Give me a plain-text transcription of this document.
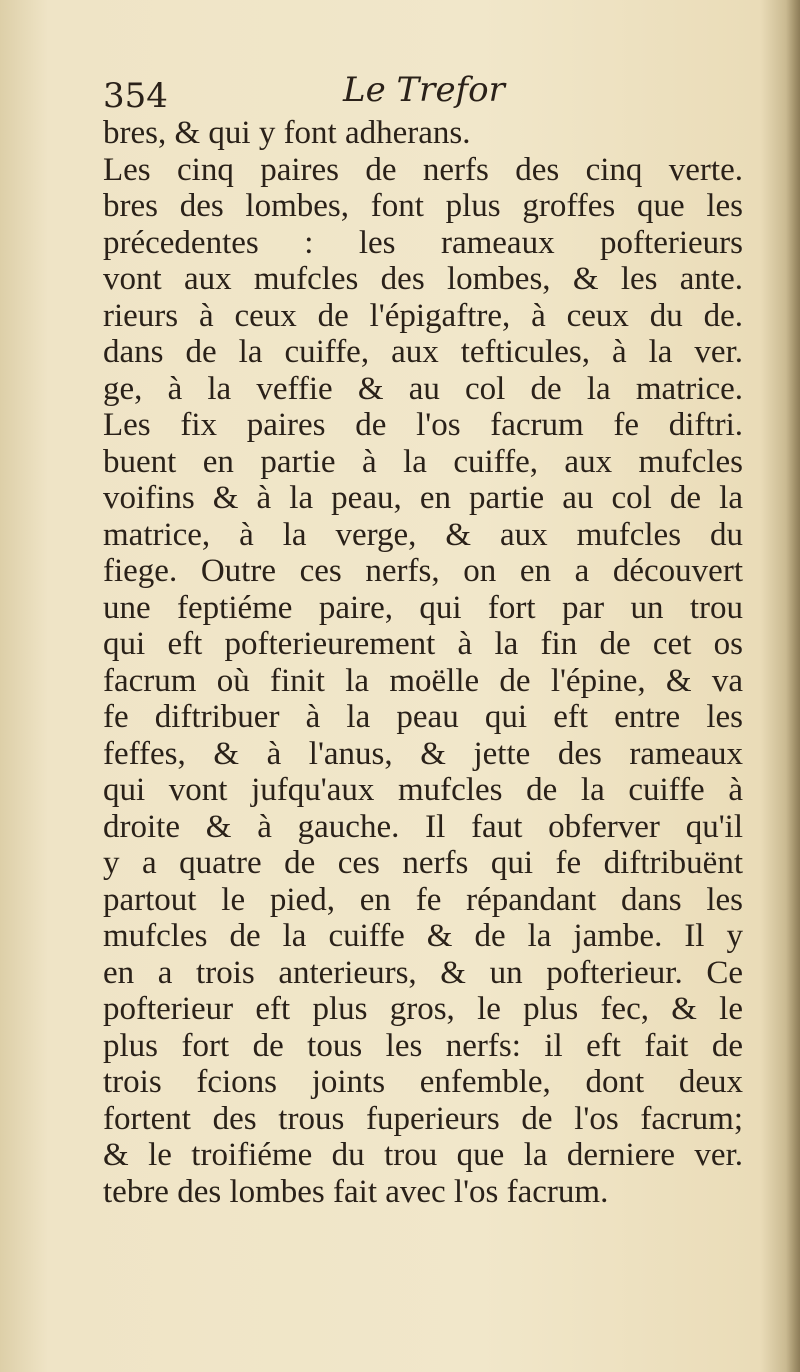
354	Le Trefor
bres, & qui y font adherans.
Les cinq paires de nerfs des cinq verte.
bres des lombes, font plus groffes que les
précedentes : les rameaux pofterieurs
vont aux mufcles des lombes, & les ante.
rieurs à ceux de l'épigaftre, à ceux du de.
dans de la cuiffe, aux tefticules, à la ver.
ge, à la veffie & au col de la matrice.
Les fix paires de l'os facrum fe diftri.
buent en partie à la cuiffe, aux mufcles
voifins & à la peau, en partie au col de la
matrice, à la verge, & aux mufcles du
fiege. Outre ces nerfs, on en a découvert
une feptiéme paire, qui fort par un trou
qui eft pofterieurement à la fin de cet os
facrum où finit la moëlle de l'épine, & va
fe diftribuer à la peau qui eft entre les
feffes, & à l'anus, & jette des rameaux
qui vont jufqu'aux mufcles de la cuiffe à
droite & à gauche. Il faut obferver qu'il
y a quatre de ces nerfs qui fe diftribuënt
partout le pied, en fe répandant dans les
mufcles de la cuiffe & de la jambe. Il y
en a trois anterieurs, & un pofterieur. Ce
pofterieur eft plus gros, le plus fec, & le
plus fort de tous les nerfs: il eft fait de
trois fcions joints enfemble, dont deux
fortent des trous fuperieurs de l'os facrum;
& le troifiéme du trou que la derniere ver.
tebre des lombes fait avec l'os facrum.
